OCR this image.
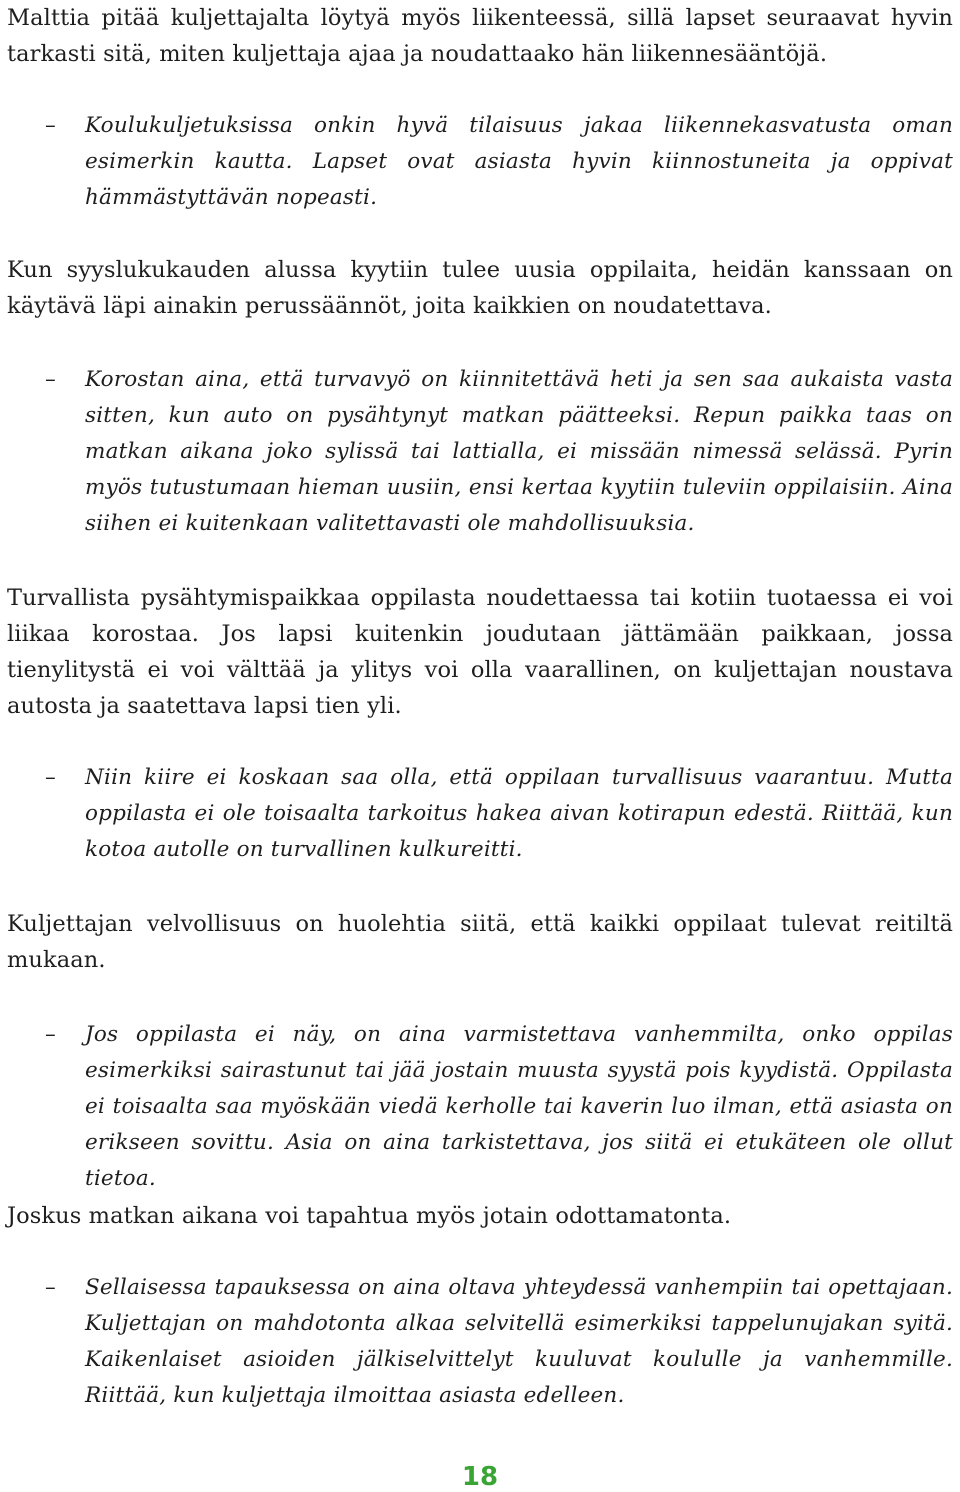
Malttia pitää kuljettajalta löytyä myös liikenteessä, sillä lapset seuraavat hyvin tarkasti sitä, miten kuljettaja ajaa ja noudattaako hän liikennesääntöjä.

– Koulukuljetuksissa onkin hyvä tilaisuus jakaa liikennekasvatusta oman esimerkin kautta. Lapset ovat asiasta hyvin kiinnostuneita ja oppivat hämmästyttävän nopeasti.

Kun syyslukukauden alussa kyytiin tulee uusia oppilaita, heidän kanssaan on käytävä läpi ainakin perussäännöt, joita kaikkien on noudatettava.

– Korostan aina, että turvavyö on kiinnitettävä heti ja sen saa aukaista vasta sitten, kun auto on pysähtynyt matkan päätteeksi. Repun paikka taas on matkan aikana joko sylissä tai lattialla, ei missään nimessä selässä. Pyrin myös tutustumaan hieman uusiin, ensi kertaa kyytiin tuleviin oppilaisiin. Aina siihen ei kuitenkaan valitettavasti ole mahdollisuuksia.

Turvallista pysähtymispaikkaa oppilasta noudettaessa tai kotiin tuotaessa ei voi liikaa korostaa. Jos lapsi kuitenkin joudutaan jättämään paikkaan, jossa tienylitystä ei voi välttää ja ylitys voi olla vaarallinen, on kuljettajan noustava autosta ja saatettava lapsi tien yli.

– Niin kiire ei koskaan saa olla, että oppilaan turvallisuus vaarantuu. Mutta oppilasta ei ole toisaalta tarkoitus hakea aivan kotirapun edestä. Riittää, kun kotoa autolle on turvallinen kulkureitti.

Kuljettajan velvollisuus on huolehtia siitä, että kaikki oppilaat tulevat reitiltä mukaan.

– Jos oppilasta ei näy, on aina varmistettava vanhemmilta, onko oppilas esimerkiksi sairastunut tai jää jostain muusta syystä pois kyydistä. Oppilasta ei toisaalta saa myöskään viedä kerholle tai kaverin luo ilman, että asiasta on erikseen sovittu. Asia on aina tarkistettava, jos siitä ei etukäteen ole ollut tietoa.

Joskus matkan aikana voi tapahtua myös jotain odottamatonta.

– Sellaisessa tapauksessa on aina oltava yhteydessä vanhempiin tai opettajaan. Kuljettajan on mahdotonta alkaa selvitellä esimerkiksi tappelunujakan syitä. Kaikenlaiset asioiden jälkiselvittelyt kuuluvat koululle ja vanhemmille. Riittää, kun kuljettaja ilmoittaa asiasta edelleen.
18
